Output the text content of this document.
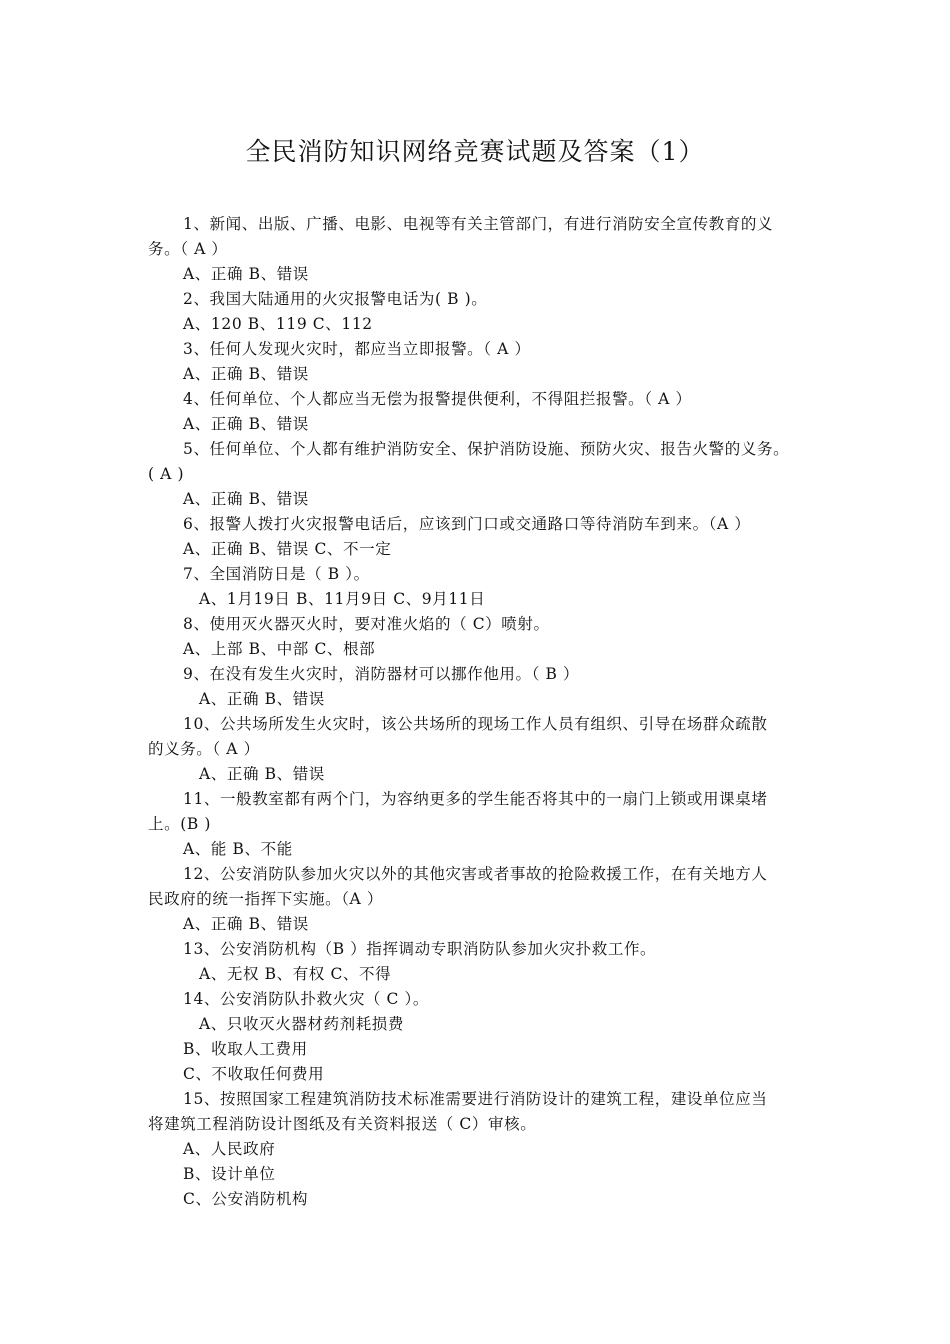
全民消防知识网络竞赛试题及答案（1）
1、新闻、出版、广播、电影、电视等有关主管部门，有进行消防安全宣传教育的义
务。（ A ）
A、正确 B、错误
2、我国大陆通用的火灾报警电话为( B )。
A、120 B、119 C、112
3、任何人发现火灾时，都应当立即报警。（ A ）
A、正确 B、错误
4、任何单位、个人都应当无偿为报警提供便利，不得阻拦报警。（ A ）
A、正确 B、错误
5、任何单位、个人都有维护消防安全、保护消防设施、预防火灾、报告火警的义务。
( A )
A、正确 B、错误
6、报警人拨打火灾报警电话后，应该到门口或交通路口等待消防车到来。（A ）
A、正确 B、错误 C、不一定
7、全国消防日是（ B ）。
A、1月19日 B、11月9日 C、9月11日
8、使用灭火器灭火时，要对准火焰的（ C）喷射。
A、上部 B、中部 C、根部
9、在没有发生火灾时，消防器材可以挪作他用。（ B ）
A、正确 B、错误
10、公共场所发生火灾时，该公共场所的现场工作人员有组织、引导在场群众疏散
的义务。（ A ）
A、正确 B、错误
11、一般教室都有两个门，为容纳更多的学生能否将其中的一扇门上锁或用课桌堵
上。(B )
A、能 B、不能
12、公安消防队参加火灾以外的其他灾害或者事故的抢险救援工作，在有关地方人
民政府的统一指挥下实施。（A ）
A、正确 B、错误
13、公安消防机构（B ）指挥调动专职消防队参加火灾扑救工作。
A、无权 B、有权 C、不得
14、公安消防队扑救火灾（ C ）。
A、只收灭火器材药剂耗损费
B、收取人工费用
C、不收取任何费用
15、按照国家工程建筑消防技术标准需要进行消防设计的建筑工程，建设单位应当
将建筑工程消防设计图纸及有关资料报送（ C）审核。
A、人民政府
B、设计单位
C、公安消防机构
